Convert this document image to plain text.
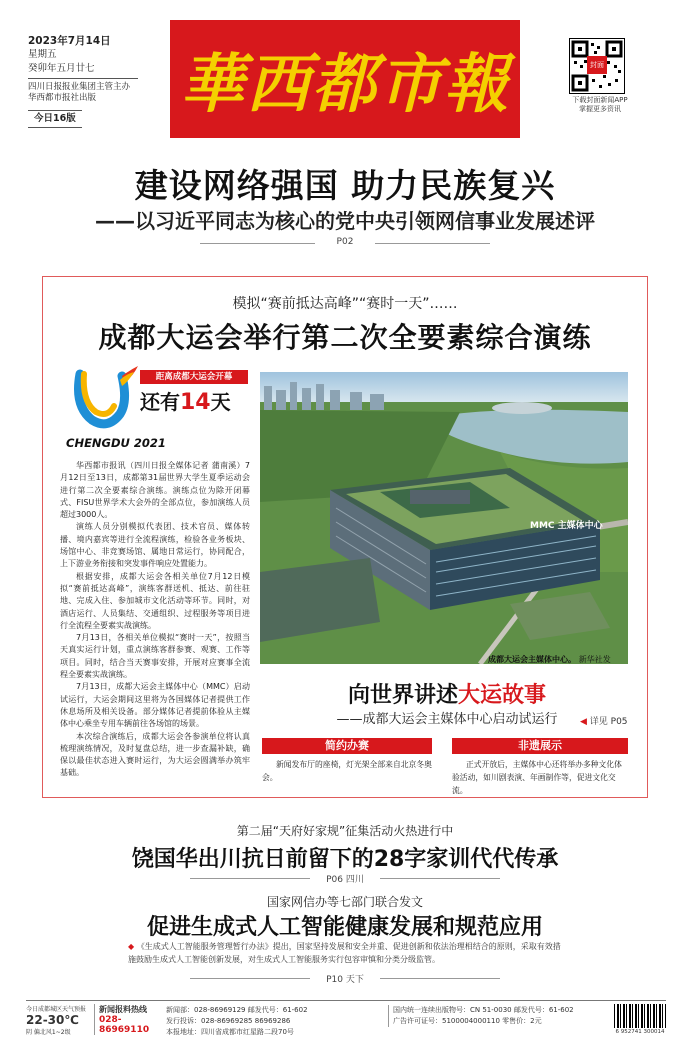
2023年7月14日
星期五
癸卯年五月廿七
四川日报报业集团主管主办
华西都市报社出版
今日16版	華西都市報	封面
下载封面新闻APP
掌握更多资讯
建设网络强国 助力民族复兴
——以习近平同志为核心的党中央引领网信事业发展述评
P02
模拟“赛前抵达高峰”“赛时一天”……
成都大运会举行第二次全要素综合演练
距离成都大运会开幕
还有14天
CHENGDU 2021

华西都市报讯（四川日报全媒体记者 蒲南溪）7月12日至13日，成都第31届世界大学生夏季运动会进行第二次全要素综合演练。演练点位为除开闭幕式、FISU世界学术大会外的全部点位，参加演练人员超过3000人。

演练人员分别模拟代表团、技术官员、媒体转播、境内嘉宾等进行全流程演练，检验各业务板块、场馆中心、非竞赛场馆、属地日常运行，协同配合，上下游业务衔接和突发事件响应处置能力。

根据安排，成都大运会各相关单位7月12日模拟“赛前抵达高峰”，演练客群送机、抵达、前往驻地、完成入住、参加城市文化活动等环节。同时，对酒店运行、人员集结、交通组织、过程服务等项目进行全流程全要素实战演练。

7月13日，各相关单位模拟“赛时一天”，按照当天真实运行计划，重点演练客群参赛、观赛、工作等项目。同时，结合当天赛事安排，开展对应赛事全流程全要素实战演练。

7月13日，成都大运会主媒体中心（MMC）启动试运行，大运会期间这里将为各国媒体记者提供工作休息场所及相关设备。部分媒体记者提前体验从主媒体中心乘坐专用车辆前往各场馆的场景。

本次综合演练后，成都大运会各参演单位将认真梳理演练情况，及时复盘总结，进一步查漏补缺，确保以最佳状态进入赛时运行，为大运会圆满举办筑牢基础。

MMC 主媒体中心
成都大运会主媒体中心。 新华社发
向世界讲述大运故事
——成都大运会主媒体中心启动试运行	◀ 详见 P05
简约办赛
新闻发布厅的座椅，灯光架全部来自北京冬奥会。
非遗展示
正式开放后，主媒体中心还将举办多种文化体验活动，如川剧表演、年画制作等，促进文化交流。
第二届“天府好家规”征集活动火热进行中
饶国华出川抗日前留下的28字家训代代传承
P06 四川
国家网信办等七部门联合发文
促进生成式人工智能健康发展和规范应用
◆ 《生成式人工智能服务管理暂行办法》提出，国家坚持发展和安全并重、促进创新和依法治理相结合的原则，采取有效措施鼓励生成式人工智能创新发展，对生成式人工智能服务实行包容审慎和分类分级监管。
P10 天下
今日成都城区天气预报
22-30℃
阴 偏北风1~2级
新闻报料热线
028-86969110
新闻部：028-86969129 邮发代号：61-602
发行投诉：028-86969285 86969286
本报地址：四川省成都市红星路二段70号
国内统一连续出版物号：CN 51-0030 邮发代号：61-602
广告许可证号：5100004000110 零售价：2元
6 952741 300014
